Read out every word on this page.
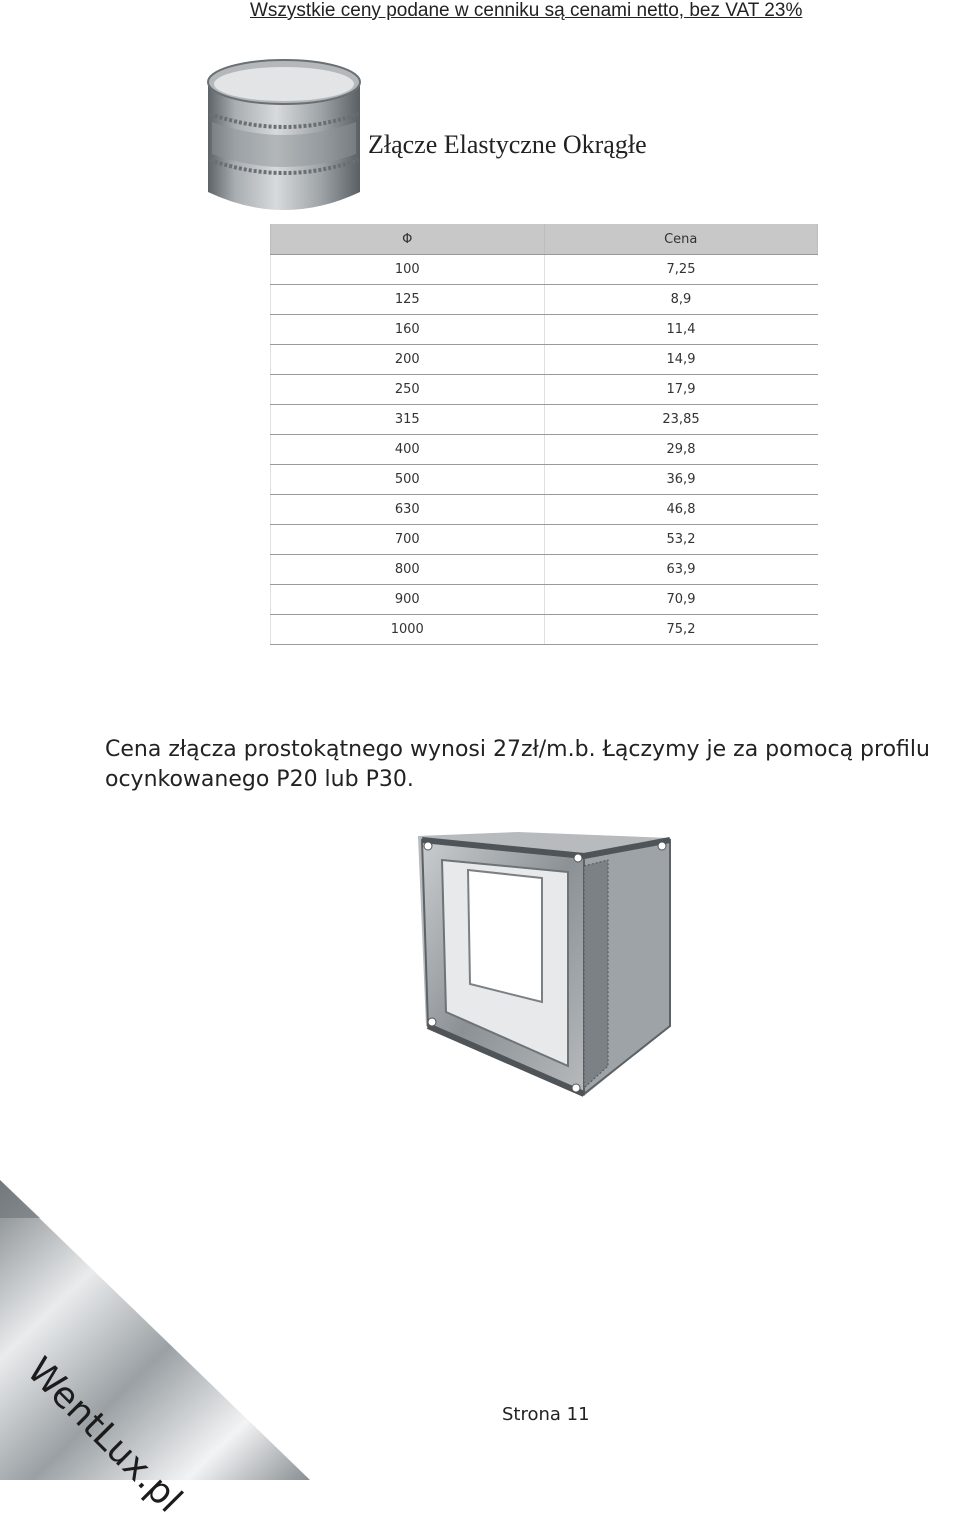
Wszystkie ceny podane w cenniku są cenami netto, bez VAT 23%
Złącze Elastyczne Okrągłe
Φ	Cena
100	7,25
125	8,9
160	11,4
200	14,9
250	17,9
315	23,85
400	29,8
500	36,9
630	46,8
700	53,2
800	63,9
900	70,9
1000	75,2
Cena złącza prostokątnego wynosi 27zł/m.b. Łączymy je za pomocą profilu ocynkowanego P20 lub P30.
WentLux.pl	Strona 11
